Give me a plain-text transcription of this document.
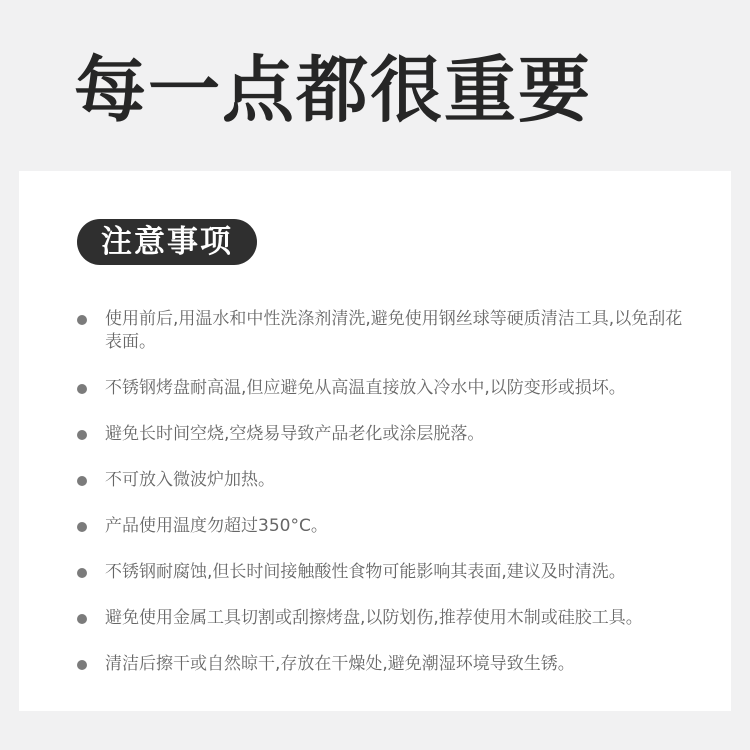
每一点都很重要
注意事项
使用前后,用温水和中性洗涤剂清洗,避免使用钢丝球等硬质清洁工具,以免刮花表面。
不锈钢烤盘耐高温,但应避免从高温直接放入冷水中,以防变形或损坏。
避免长时间空烧,空烧易导致产品老化或涂层脱落。
不可放入微波炉加热。
产品使用温度勿超过350°C。
不锈钢耐腐蚀,但长时间接触酸性食物可能影响其表面,建议及时清洗。
避免使用金属工具切割或刮擦烤盘,以防划伤,推荐使用木制或硅胶工具。
清洁后擦干或自然晾干,存放在干燥处,避免潮湿环境导致生锈。
